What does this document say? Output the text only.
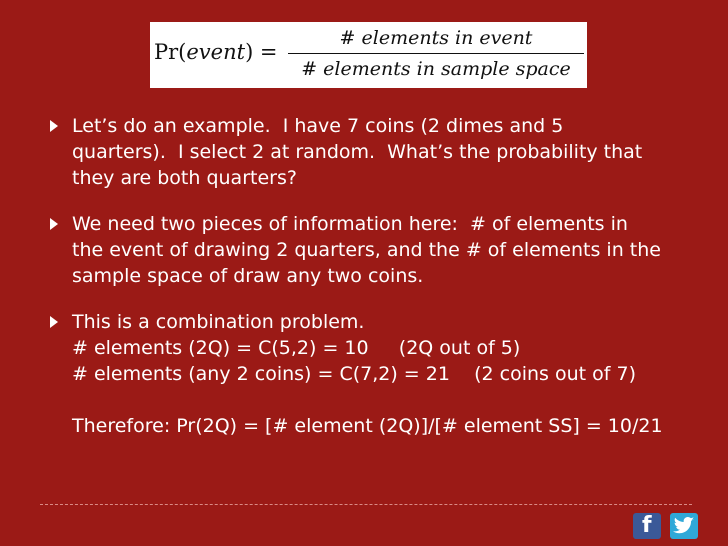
Pr(event) =
# elements in event
# elements in sample space
Let’s do an example.  I have 7 coins (2 dimes and 5
quarters).  I select 2 at random.  What’s the probability that
they are both quarters?
We need two pieces of information here:  # of elements in
the event of drawing 2 quarters, and the # of elements in the
sample space of draw any two coins.
This is a combination problem.
# elements (2Q) = C(5,2) = 10     (2Q out of 5)
# elements (any 2 coins) = C(7,2) = 21    (2 coins out of 7)

Therefore: Pr(2Q) = [# element (2Q)]/[# element SS] = 10/21
f
